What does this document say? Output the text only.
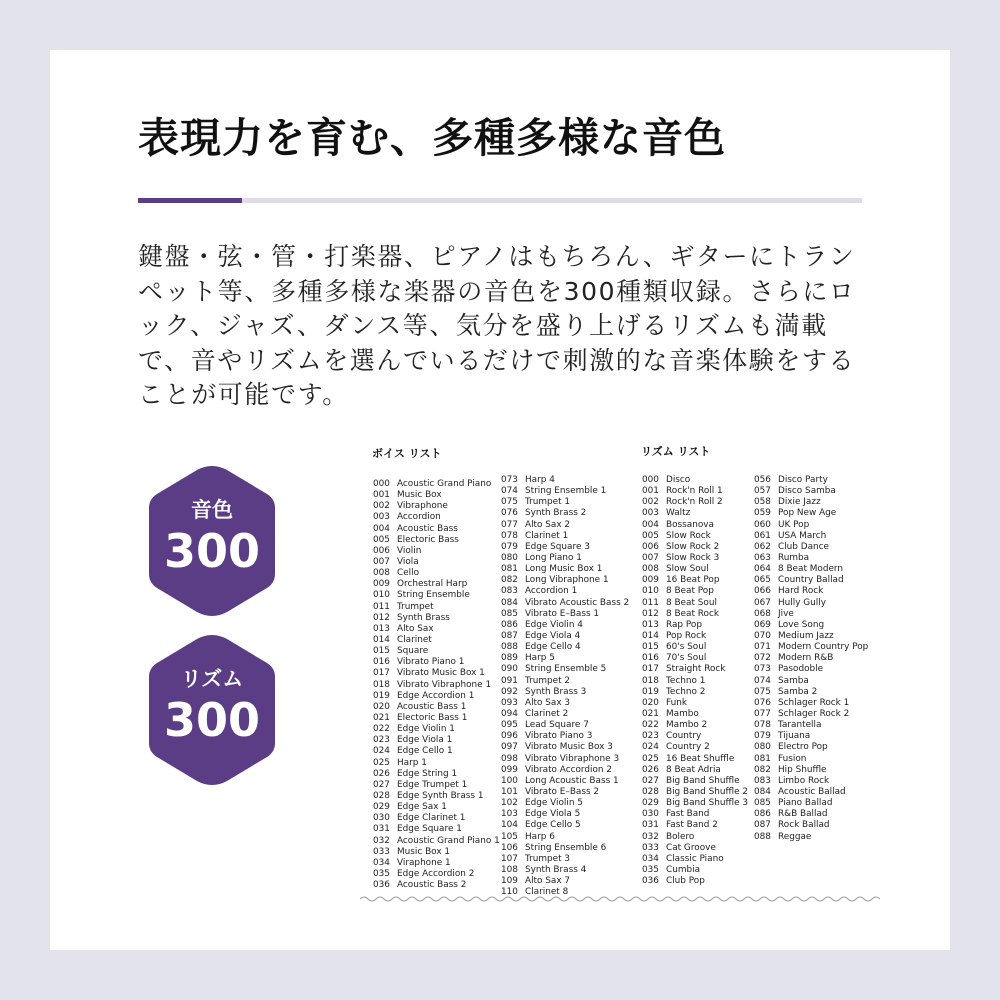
表現力を育む、多種多様な音色
鍵盤・弦・管・打楽器、ピアノはもちろん、ギターにトランペット等、多種多様な楽器の音色を300種類収録。さらにロック、ジャズ、ダンス等、気分を盛り上げるリズムも満載で、音やリズムを選んでいるだけで刺激的な音楽体験をすることが可能です。
音色
300
リズム
300
ボイス リスト	リズム リスト
000 Acoustic Grand Piano
001 Music Box
002 Vibraphone
003 Accordion
004 Acoustic Bass
005 Electoric Bass
006 Violin
007 Viola
008 Cello
009 Orchestral Harp
010 String Ensemble
011 Trumpet
012 Synth Brass
013 Alto Sax
014 Clarinet
015 Square
016 Vibrato Piano 1
017 Vibrato Music Box 1
018 Vibrato Vibraphone 1
019 Edge Accordion 1
020 Acoustic Bass 1
021 Electoric Bass 1
022 Edge Violin 1
023 Edge Viola 1
024 Edge Cello 1
025 Harp 1
026 Edge String 1
027 Edge Trumpet 1
028 Edge Synth Brass 1
029 Edge Sax 1
030 Edge Clarinet 1
031 Edge Square 1
032 Acoustic Grand Piano 1
033 Music Box 1
034 Viraphone 1
035 Edge Accordion 2
036 Acoustic Bass 2
073 Harp 4
074 String Ensemble 1
075 Trumpet 1
076 Synth Brass 2
077 Alto Sax 2
078 Clarinet 1
079 Edge Square 3
080 Long Piano 1
081 Long Music Box 1
082 Long Vibraphone 1
083 Accordion 1
084 Vibrato Acoustic Bass 2
085 Vibrato E–Bass 1
086 Edge Violin 4
087 Edge Viola 4
088 Edge Cello 4
089 Harp 5
090 String Ensemble 5
091 Trumpet 2
092 Synth Brass 3
093 Alto Sax 3
094 Clarinet 2
095 Lead Square 7
096 Vibrato Piano 3
097 Vibrato Music Box 3
098 Vibrato Vibraphone 3
099 Vibrato Accordion 2
100 Long Acoustic Bass 1
101 Vibrato E–Bass 2
102 Edge Violin 5
103 Edge Viola 5
104 Edge Cello 5
105 Harp 6
106 String Ensemble 6
107 Trumpet 3
108 Synth Brass 4
109 Alto Sax 7
110 Clarinet 8
000 Disco
001 Rock'n Roll 1
002 Rock'n Roll 2
003 Waltz
004 Bossanova
005 Slow Rock
006 Slow Rock 2
007 Slow Rock 3
008 Slow Soul
009 16 Beat Pop
010 8 Beat Pop
011 8 Beat Soul
012 8 Beat Rock
013 Rap Pop
014 Pop Rock
015 60's Soul
016 70's Soul
017 Straight Rock
018 Techno 1
019 Techno 2
020 Funk
021 Mambo
022 Mambo 2
023 Country
024 Country 2
025 16 Beat Shuffle
026 8 Beat Adria
027 Big Band Shuffle
028 Big Band Shuffle 2
029 Big Band Shuffle 3
030 Fast Band
031 Fast Band 2
032 Bolero
033 Cat Groove
034 Classic Piano
035 Cumbia
036 Club Pop
056 Disco Party
057 Disco Samba
058 Dixie Jazz
059 Pop New Age
060 UK Pop
061 USA March
062 Club Dance
063 Rumba
064 8 Beat Modern
065 Country Ballad
066 Hard Rock
067 Hully Gully
068 Jive
069 Love Song
070 Medium Jazz
071 Modern Country Pop
072 Modern R&B
073 Pasodoble
074 Samba
075 Samba 2
076 Schlager Rock 1
077 Schlager Rock 2
078 Tarantella
079 Tijuana
080 Electro Pop
081 Fusion
082 Hip Shuffle
083 Limbo Rock
084 Acoustic Ballad
085 Piano Ballad
086 R&B Ballad
087 Rock Ballad
088 Reggae
